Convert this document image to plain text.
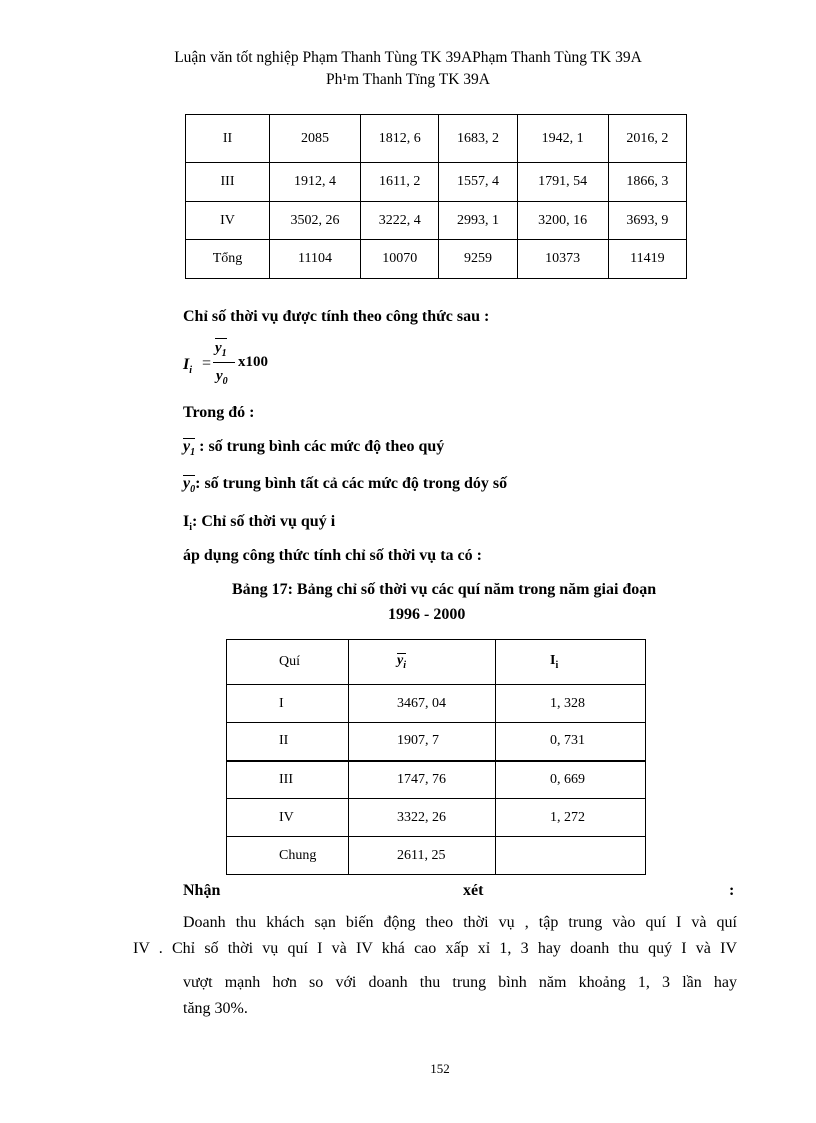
Luận văn tốt nghiệp Phạm Thanh Tùng TK 39APhạm Thanh Tùng TK 39A
Ph¹m Thanh Tïng TK 39A
II	2085	1812, 6	1683, 2	1942, 1	2016, 2
III	1912, 4	1611, 2	1557, 4	1791, 54	1866, 3
IV	3502, 26	3222, 4	2993, 1	3200, 16	3693, 9
Tổng	11104	10070	9259	10373	11419
Chỉ số thời vụ được tính theo công thức sau :
$I_i$ =
$y_1$
$y_0$
x100
Trong đó :
$y_1$ : số trung bình các mức độ theo quý
$y_0$: số trung bình tất cả các mức độ trong dóy số
$I_i$: Chỉ số thời vụ quý i
áp dụng công thức tính chỉ số thời vụ ta có :
Bảng 17: Bảng chỉ số thời vụ các quí năm trong năm giai đoạn
1996 - 2000
Quí	$y_i$	$I_i$
I	3467, 04	1, 328
II	1907, 7	0, 731
III	1747, 76	0, 669
IV	3322, 26	1, 272
Chung	2611, 25	
Nhận	xét	:
Doanh thu khách sạn biến động theo thời vụ , tập trung vào quí I và quí
IV . Chỉ số thời vụ quí I và IV khá cao xấp xỉ 1, 3 hay doanh thu quý I và IV
vượt mạnh hơn so với doanh thu trung bình năm khoảng 1, 3 lần hay
tăng 30%.
152
